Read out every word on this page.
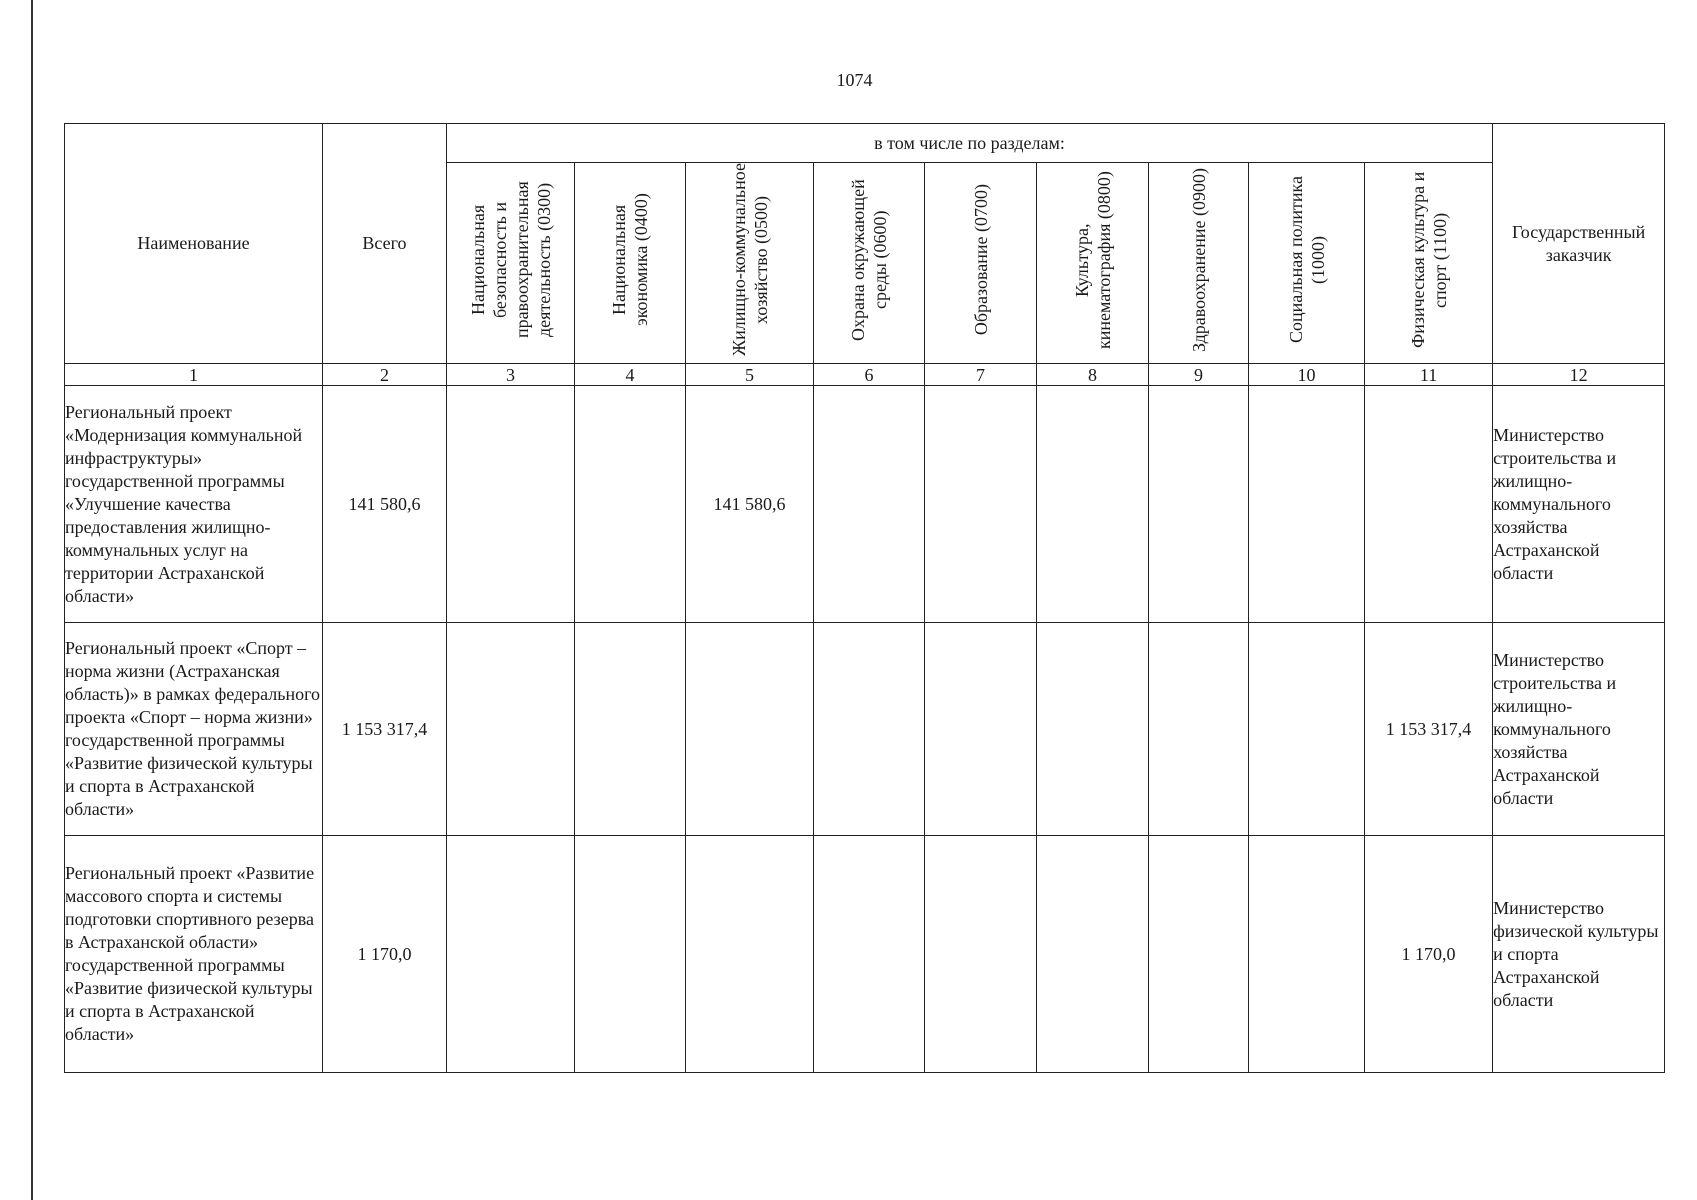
1074
Наименование	Всего	в том числе по разделам:									Государственный заказчик
		Национальная безопасность и правоохранительная деятельность (0300)	Национальная экономика (0400)	Жилищно-коммунальное хозяйство (0500)	Охрана окружающей среды (0600)	Образование (0700)	Культура, кинематография (0800)	Здравоохранение (0900)	Социальная политика (1000)	Физическая культура и спорт (1100)	
1	2	3	4	5	6	7	8	9	10	11	12
Региональный проект «Модернизация коммунальной инфраструктуры» государственной программы «Улучшение качества предоставления жилищно-коммунальных услуг на территории Астраханской области»	141 580,6			141 580,6							Министерство строительства и жилищно-коммунального хозяйства Астраханской области
Региональный проект «Спорт – норма жизни (Астраханская область)» в рамках федерального проекта «Спорт – норма жизни» государственной программы «Развитие физической культуры и спорта в Астраханской области»	1 153 317,4									1 153 317,4	Министерство строительства и жилищно-коммунального хозяйства Астраханской области
Региональный проект «Развитие массового спорта и системы подготовки спортивного резерва в Астраханской области» государственной программы «Развитие физической культуры и спорта в Астраханской области»	1 170,0									1 170,0	Министерство физической культуры и спорта Астраханской области
